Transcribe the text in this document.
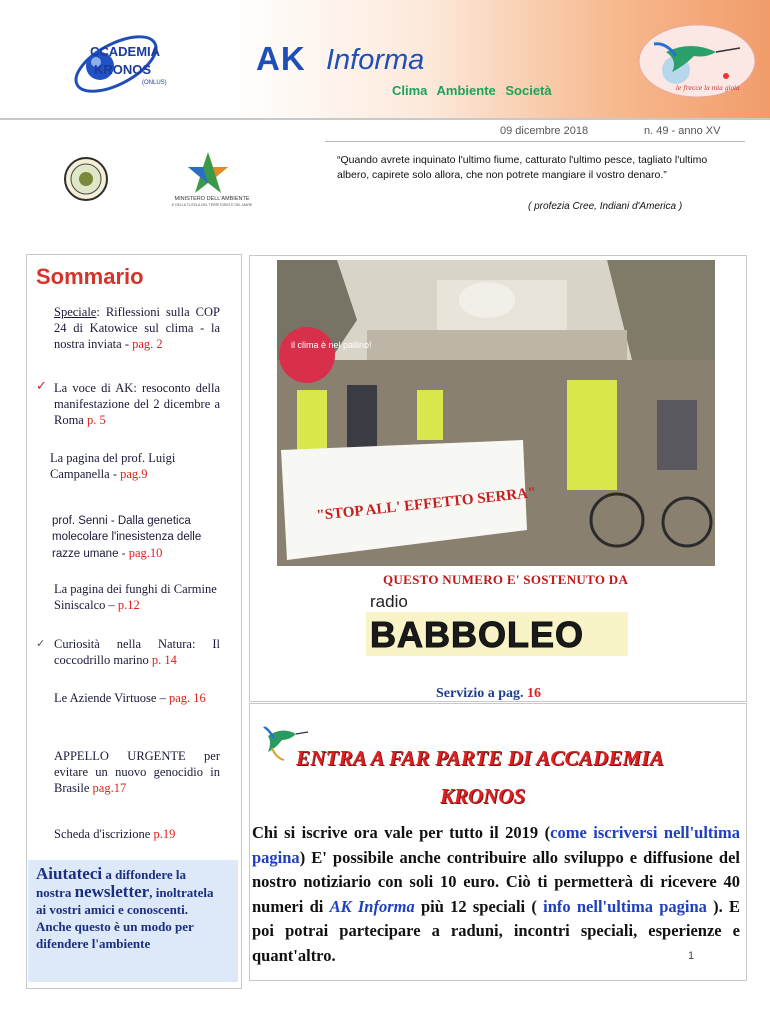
CCADEMIA
KRONOS
(ONLUS)
AK Informa
Clima Ambiente Società	le frecce la mia gioia
09 dicembre 2018	n. 49 - anno XV
MINISTERO DELL'AMBIENTE
E DELLA TUTELA DEL TERRITORIO E DEL MARE
“Quando avrete inquinato l'ultimo fiume, catturato l'ultimo pesce, tagliato l'ultimo albero, capirete solo allora, che non potrete mangiare il vostro denaro.”
( profezia Cree, Indiani d'America )
Sommario
Speciale: Riflessioni sulla COP 24 di Katowice sul clima - la nostra inviata - pag. 2
✓ La voce di AK: resoconto della manifestazione del 2 dicembre a Roma p. 5
La pagina del prof. Luigi Campanella - pag.9
prof. Senni - Dalla genetica molecolare l'inesistenza delle razze umane - pag.10
La pagina dei funghi di Carmine Siniscalco – p.12
✓ Curiosità nella Natura: Il coccodrillo marino p. 14
Le Aziende Virtuose – pag. 16
APPELLO URGENTE per evitare un nuovo genocidio in Brasile pag.17
Scheda d'iscrizione p.19
Aiutateci a diffondere la nostra newsletter, inoltratela ai vostri amici e conoscenti. Anche questo è un modo per difendere l'ambiente
il clima è nel pallino!
"STOP ALL' EFFETTO SERRA"
QUESTO NUMERO E' SOSTENUTO DA
radio
BABBOLEO
Servizio a pag. 16
ENTRA A FAR PARTE DI ACCADEMIA
KRONOS
Chi si iscrive ora vale per tutto il 2019 (come iscriversi nell'ultima pagina) E' possibile anche contribuire allo sviluppo e diffusione del nostro notiziario con soli 10 euro. Ciò ti permetterà di ricevere 40 numeri di AK Informa più 12 speciali ( info nell'ultima pagina ). E poi potrai partecipare a raduni, incontri speciali, esperienze e quant'altro.	1
